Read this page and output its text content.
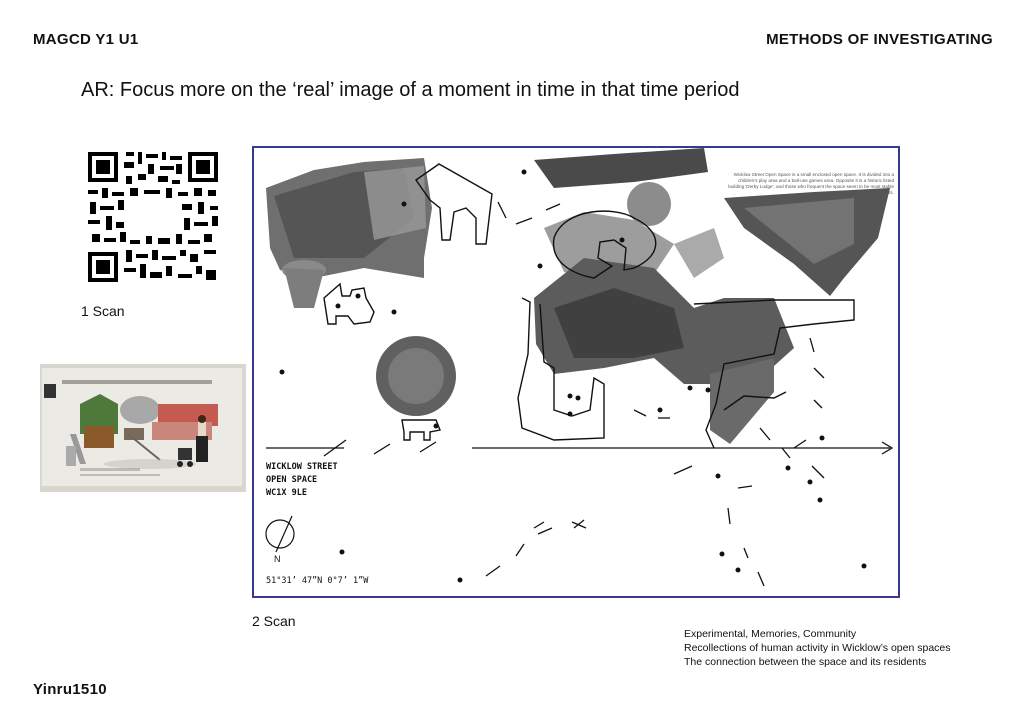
MAGCD Y1 U1	METHODS OF INVESTIGATING
AR: Focus more on the ‘real’ image of a moment in time in that time period
1 Scan
N
Wicklow Street Open Space is a small enclosed open space. It is divided into a children's play area and a ball-use games area. Opposite it is a historic listed building 'Derby Lodge', and those who frequent the space seem to be most stable linked to its inhabitants.
WICKLOW STREET
OPEN SPACE
WC1X 9LE
51°31’ 47”N 0°7’ 1”W
2 Scan
Experimental, Memories, Community
Recollections of human activity in Wicklow’s open spaces
The connection between the space and its residents
Yinru1510
